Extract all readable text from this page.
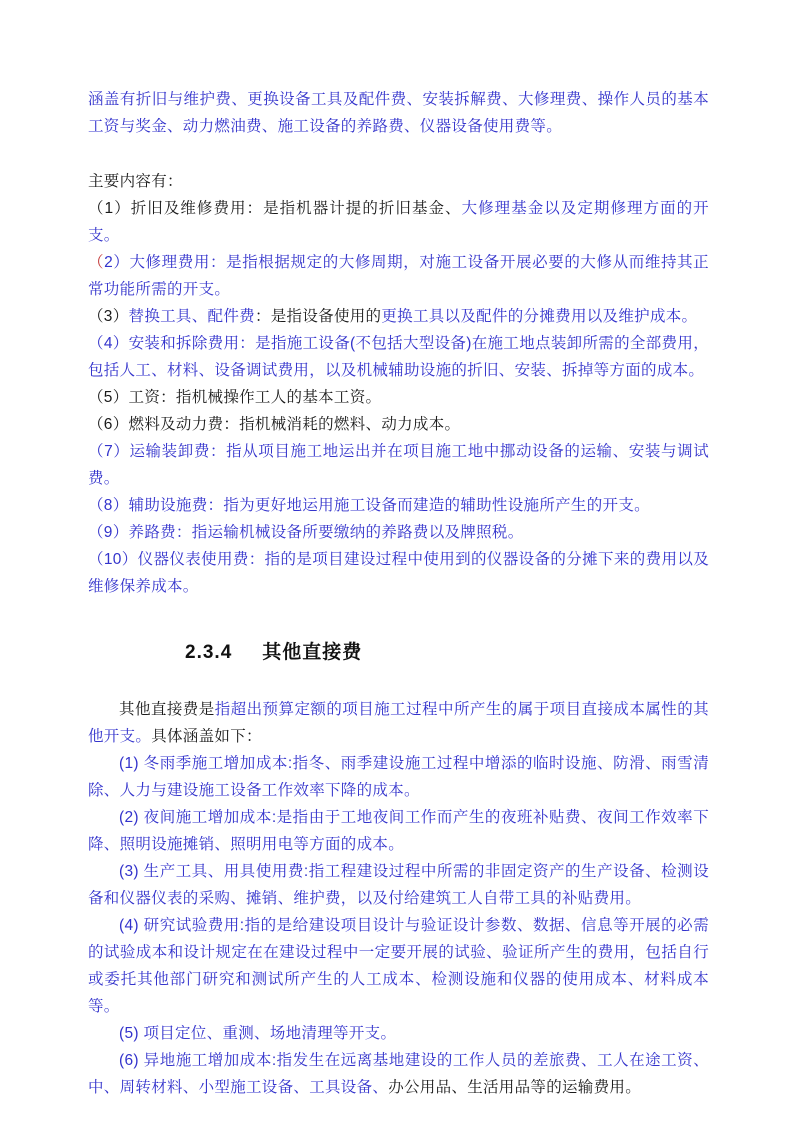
涵盖有折旧与维护费、更换设备工具及配件费、安装拆解费、大修理费、操作人员的基本工资与奖金、动力燃油费、施工设备的养路费、仪器设备使用费等。

主要内容有：

（1）折旧及维修费用：是指机器计提的折旧基金、大修理基金以及定期修理方面的开支。

（2）大修理费用：是指根据规定的大修周期，对施工设备开展必要的大修从而维持其正常功能所需的开支。

（3）替换工具、配件费：是指设备使用的更换工具以及配件的分摊费用以及维护成本。

（4）安装和拆除费用：是指施工设备(不包括大型设备)在施工地点装卸所需的全部费用，包括人工、材料、设备调试费用，以及机械辅助设施的折旧、安装、拆掉等方面的成本。

（5）工资：指机械操作工人的基本工资。

（6）燃料及动力费：指机械消耗的燃料、动力成本。

（7）运输装卸费：指从项目施工地运出并在项目施工地中挪动设备的运输、安装与调试费。

（8）辅助设施费：指为更好地运用施工设备而建造的辅助性设施所产生的开支。

（9）养路费：指运输机械设备所要缴纳的养路费以及牌照税。

（10）仪器仪表使用费：指的是项目建设过程中使用到的仪器设备的分摊下来的费用以及维修保养成本。

2.3.4 其他直接费

其他直接费是指超出预算定额的项目施工过程中所产生的属于项目直接成本属性的其他开支。具体涵盖如下：

(1) 冬雨季施工增加成本:指冬、雨季建设施工过程中增添的临时设施、防滑、雨雪清除、人力与建设施工设备工作效率下降的成本。

(2) 夜间施工增加成本:是指由于工地夜间工作而产生的夜班补贴费、夜间工作效率下降、照明设施摊销、照明用电等方面的成本。

(3) 生产工具、用具使用费:指工程建设过程中所需的非固定资产的生产设备、检测设备和仪器仪表的采购、摊销、维护费，以及付给建筑工人自带工具的补贴费用。

(4) 研究试验费用:指的是给建设项目设计与验证设计参数、数据、信息等开展的必需的试验成本和设计规定在在建设过程中一定要开展的试验、验证所产生的费用，包括自行或委托其他部门研究和测试所产生的人工成本、检测设施和仪器的使用成本、材料成本等。

(5) 项目定位、重测、场地清理等开支。

(6) 异地施工增加成本:指发生在远离基地建设的工作人员的差旅费、工人在途工资、中、周转材料、小型施工设备、工具设备、办公用品、生活用品等的运输费用。
